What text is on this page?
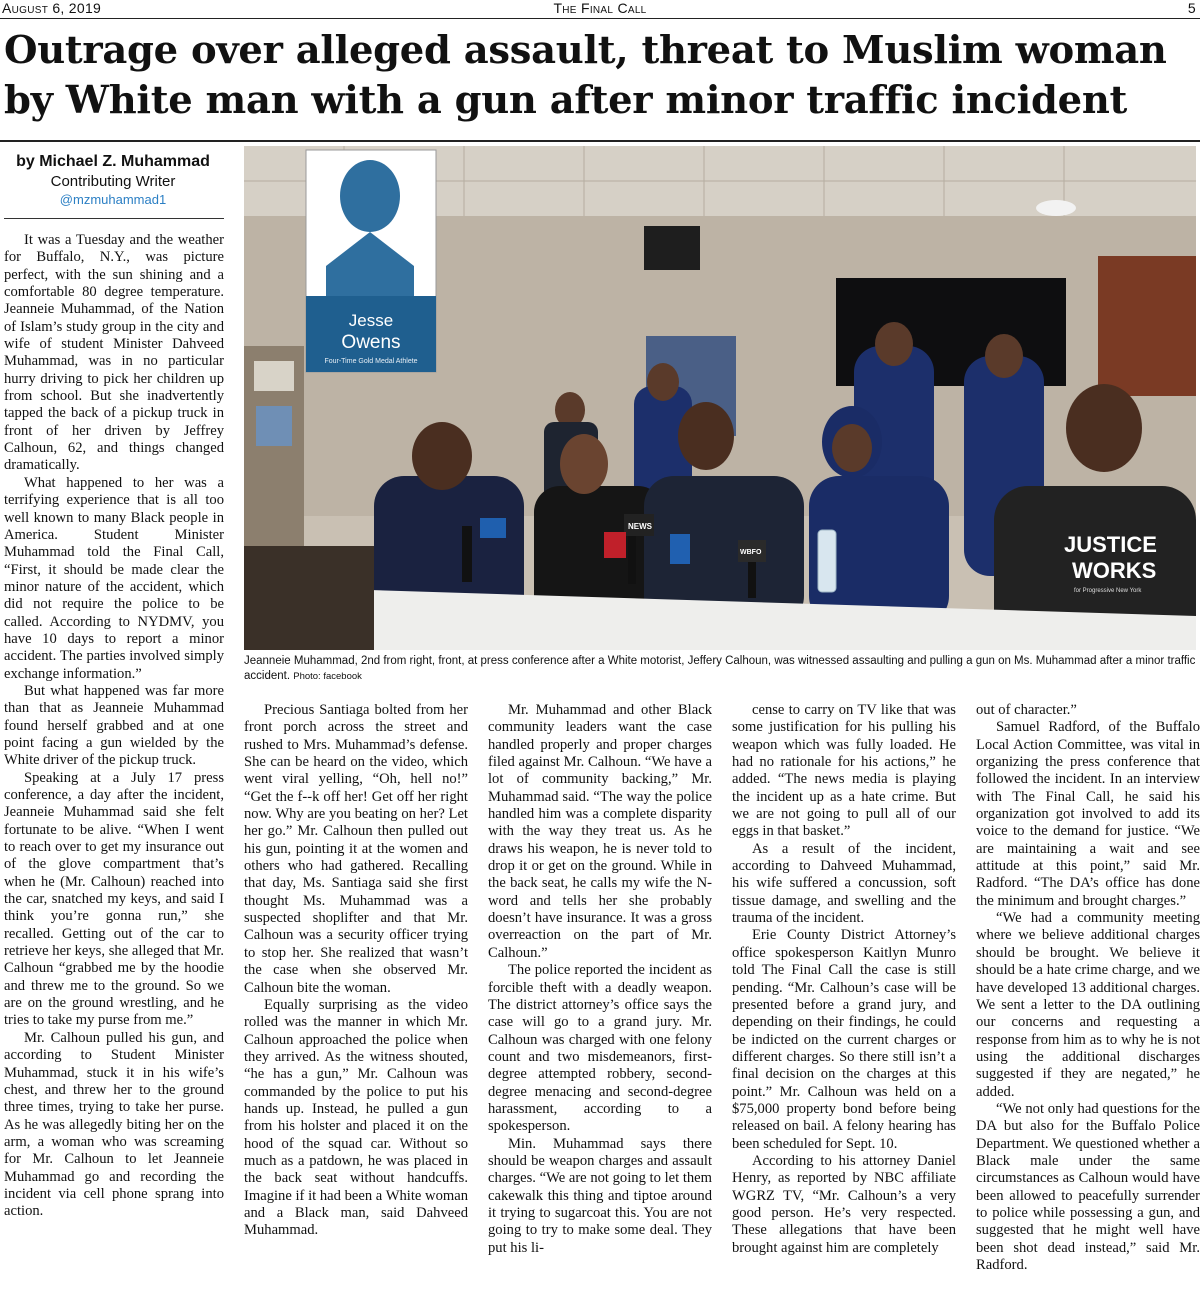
August 6, 2019	The Final Call	5
Outrage over alleged assault, threat to Muslim woman
by White man with a gun after minor traffic incident
by Michael Z. Muhammad
Contributing Writer
@mzmuhammad1

It was a Tuesday and the weather for Buffalo, N.Y., was picture perfect, with the sun shining and a comfortable 80 degree temperature. Jeanneie Muhammad, of the Nation of Islam’s study group in the city and wife of student Minister Dahveed Muhammad, was in no particular hurry driving to pick her children up from school. But she inadvertently tapped the back of a pickup truck in front of her driven by Jeffrey Calhoun, 62, and things changed dramatically.

What happened to her was a terrifying experience that is all too well known to many Black people in America. Student Minister Muhammad told the Final Call, “First, it should be made clear the minor nature of the accident, which did not require the police to be called. According to NYDMV, you have 10 days to report a minor accident. The parties involved simply exchange information.”

But what happened was far more than that as Jeanneie Muhammad found herself grabbed and at one point facing a gun wielded by the White driver of the pickup truck.

Speaking at a July 17 press conference, a day after the incident, Jeanneie Muhammad said she felt fortunate to be alive. “When I went to reach over to get my insurance out of the glove compartment that’s when he (Mr. Calhoun) reached into the car, snatched my keys, and said I think you’re gonna run,” she recalled. Getting out of the car to retrieve her keys, she alleged that Mr. Calhoun “grabbed me by the hoodie and threw me to the ground. So we are on the ground wrestling, and he tries to take my purse from me.”

Mr. Calhoun pulled his gun, and according to Student Minister Muhammad, stuck it in his wife’s chest, and threw her to the ground three times, trying to take her purse. As he was allegedly biting her on the arm, a woman who was screaming for Mr. Calhoun to let Jeanneie Muhammad go and recording the incident via cell phone sprang into action.

Jesse
Owens
Four-Time Gold Medal Athlete
JUSTICE
WORKS
for Progressive New York
NEWS
WBFO
Jeanneie Muhammad, 2nd from right, front, at press conference after a White motorist, Jeffery Calhoun, was witnessed assaulting and pulling a gun on Ms. Muhammad after a minor traffic accident. Photo: facebook

Precious Santiaga bolted from her front porch across the street and rushed to Mrs. Muhammad’s defense. She can be heard on the video, which went viral yelling, “Oh, hell no!” “Get the f--k off her! Get off her right now. Why are you beating on her? Let her go.” Mr. Calhoun then pulled out his gun, pointing it at the women and others who had gathered. Recalling that day, Ms. Santiaga said she first thought Ms. Muhammad was a suspected shoplifter and that Mr. Calhoun was a security officer trying to stop her. She realized that wasn’t the case when she observed Mr. Calhoun bite the woman.

Equally surprising as the video rolled was the manner in which Mr. Calhoun approached the police when they arrived. As the witness shouted, “he has a gun,” Mr. Calhoun was commanded by the police to put his hands up. Instead, he pulled a gun from his holster and placed it on the hood of the squad car. Without so much as a patdown, he was placed in the back seat without handcuffs. Imagine if it had been a White woman and a Black man, said Dahveed Muhammad.

Mr. Muhammad and other Black community leaders want the case handled properly and proper charges filed against Mr. Calhoun. “We have a lot of community backing,” Mr. Muhammad said. “The way the police handled him was a complete disparity with the way they treat us. As he draws his weapon, he is never told to drop it or get on the ground. While in the back seat, he calls my wife the N-word and tells her she probably doesn’t have insurance. It was a gross overreaction on the part of Mr. Calhoun.”

The police reported the incident as forcible theft with a deadly weapon. The district attorney’s office says the case will go to a grand jury. Mr. Calhoun was charged with one felony count and two misdemeanors, first-degree attempted robbery, second-degree menacing and second-degree harassment, according to a spokesperson.

Min. Muhammad says there should be weapon charges and assault charges. “We are not going to let them cakewalk this thing and tiptoe around it trying to sugarcoat this. You are not going to try to make some deal. They put his li-

cense to carry on TV like that was some justification for his pulling his weapon which was fully loaded. He had no rationale for his actions,” he added. “The news media is playing the incident up as a hate crime. But we are not going to pull all of our eggs in that basket.”

As a result of the incident, according to Dahveed Muhammad, his wife suffered a concussion, soft tissue damage, and swelling and the trauma of the incident.

Erie County District Attorney’s office spokesperson Kaitlyn Munro told The Final Call the case is still pending. “Mr. Calhoun’s case will be presented before a grand jury, and depending on their findings, he could be indicted on the current charges or different charges. So there still isn’t a final decision on the charges at this point.” Mr. Calhoun was held on a $75,000 property bond before being released on bail. A felony hearing has been scheduled for Sept. 10.

According to his attorney Daniel Henry, as reported by NBC affiliate WGRZ TV, “Mr. Calhoun’s a very good person. He’s very respected. These allegations that have been brought against him are completely

out of character.”

Samuel Radford, of the Buffalo Local Action Committee, was vital in organizing the press conference that followed the incident. In an interview with The Final Call, he said his organization got involved to add its voice to the demand for justice. “We are maintaining a wait and see attitude at this point,” said Mr. Radford. “The DA’s office has done the minimum and brought charges.”

“We had a community meeting where we believe additional charges should be brought. We believe it should be a hate crime charge, and we have developed 13 additional charges. We sent a letter to the DA outlining our concerns and requesting a response from him as to why he is not using the additional discharges suggested if they are negated,” he added.

“We not only had questions for the DA but also for the Buffalo Police Department. We questioned whether a Black male under the same circumstances as Calhoun would have been allowed to peacefully surrender to police while possessing a gun, and suggested that he might well have been shot dead instead,” said Mr. Radford.
